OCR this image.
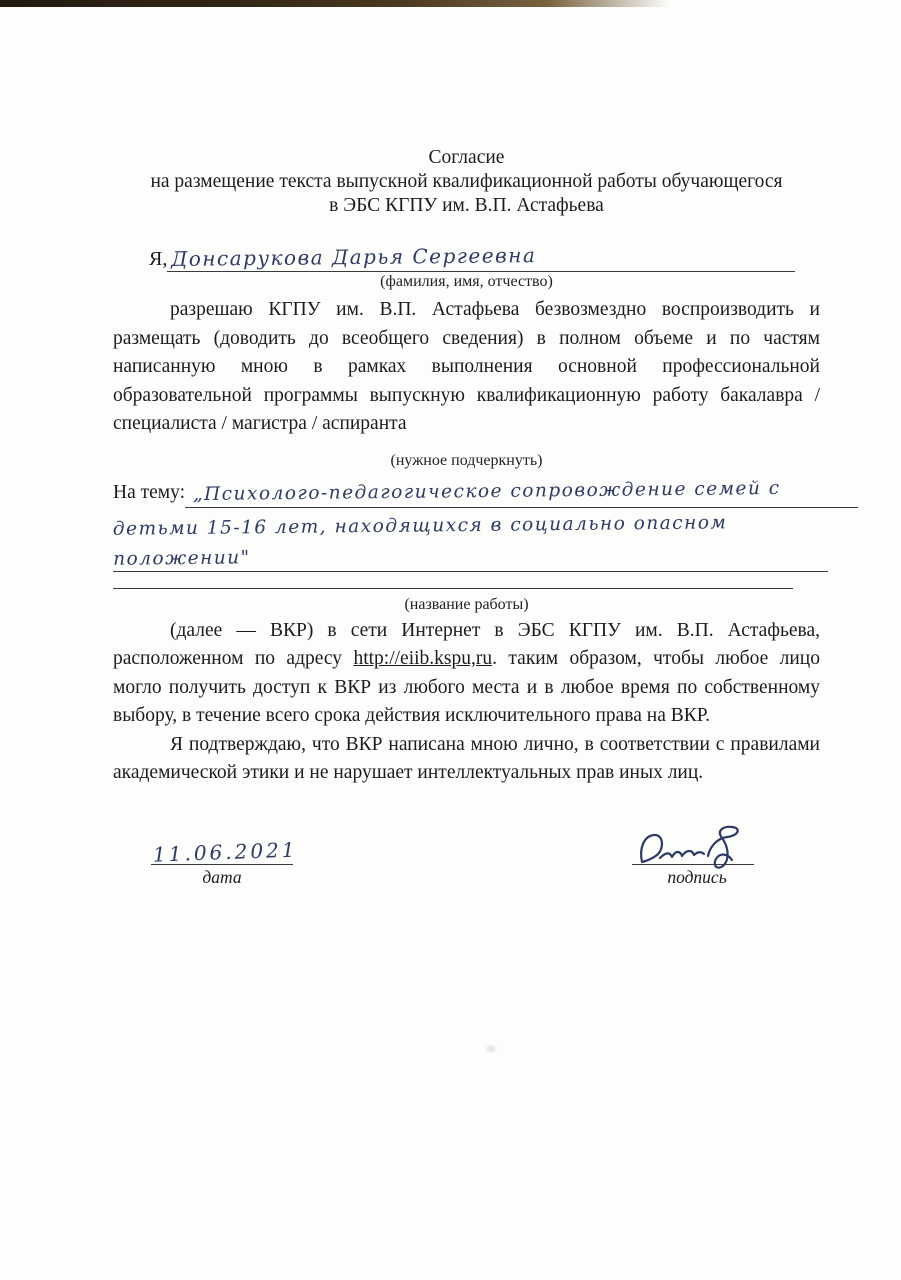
Согласие
на размещение текста выпускной квалификационной работы обучающегося
в ЭБС КГПУ им. В.П. Астафьева
Я, Донсарукова Дарья Сергеевна
(фамилия, имя, отчество)

разрешаю КГПУ им. В.П. Астафьева безвозмездно воспроизводить и размещать (доводить до всеобщего сведения) в полном объеме и по частям написанную мною в рамках выполнения основной профессиональной образовательной программы выпускную квалификационную работу бакалавра / специалиста / магистра / аспиранта

(нужное подчеркнуть)
На тему: „Психолого-педагогическое сопровождение семей с
детьми 15-16 лет, находящихся в социально опасном положении"
(название работы)

(далее — ВКР) в сети Интернет в ЭБС КГПУ им. В.П. Астафьева, расположенном по адресу http://eiib.kspu,ru. таким образом, чтобы любое лицо могло получить доступ к ВКР из любого места и в любое время по собственному выбору, в течение всего срока действия исключительного права на ВКР.

Я подтверждаю, что ВКР написана мною лично, в соответствии с правилами академической этики и не нарушает интеллектуальных прав иных лиц.

11.06.2021
дата	подпись
